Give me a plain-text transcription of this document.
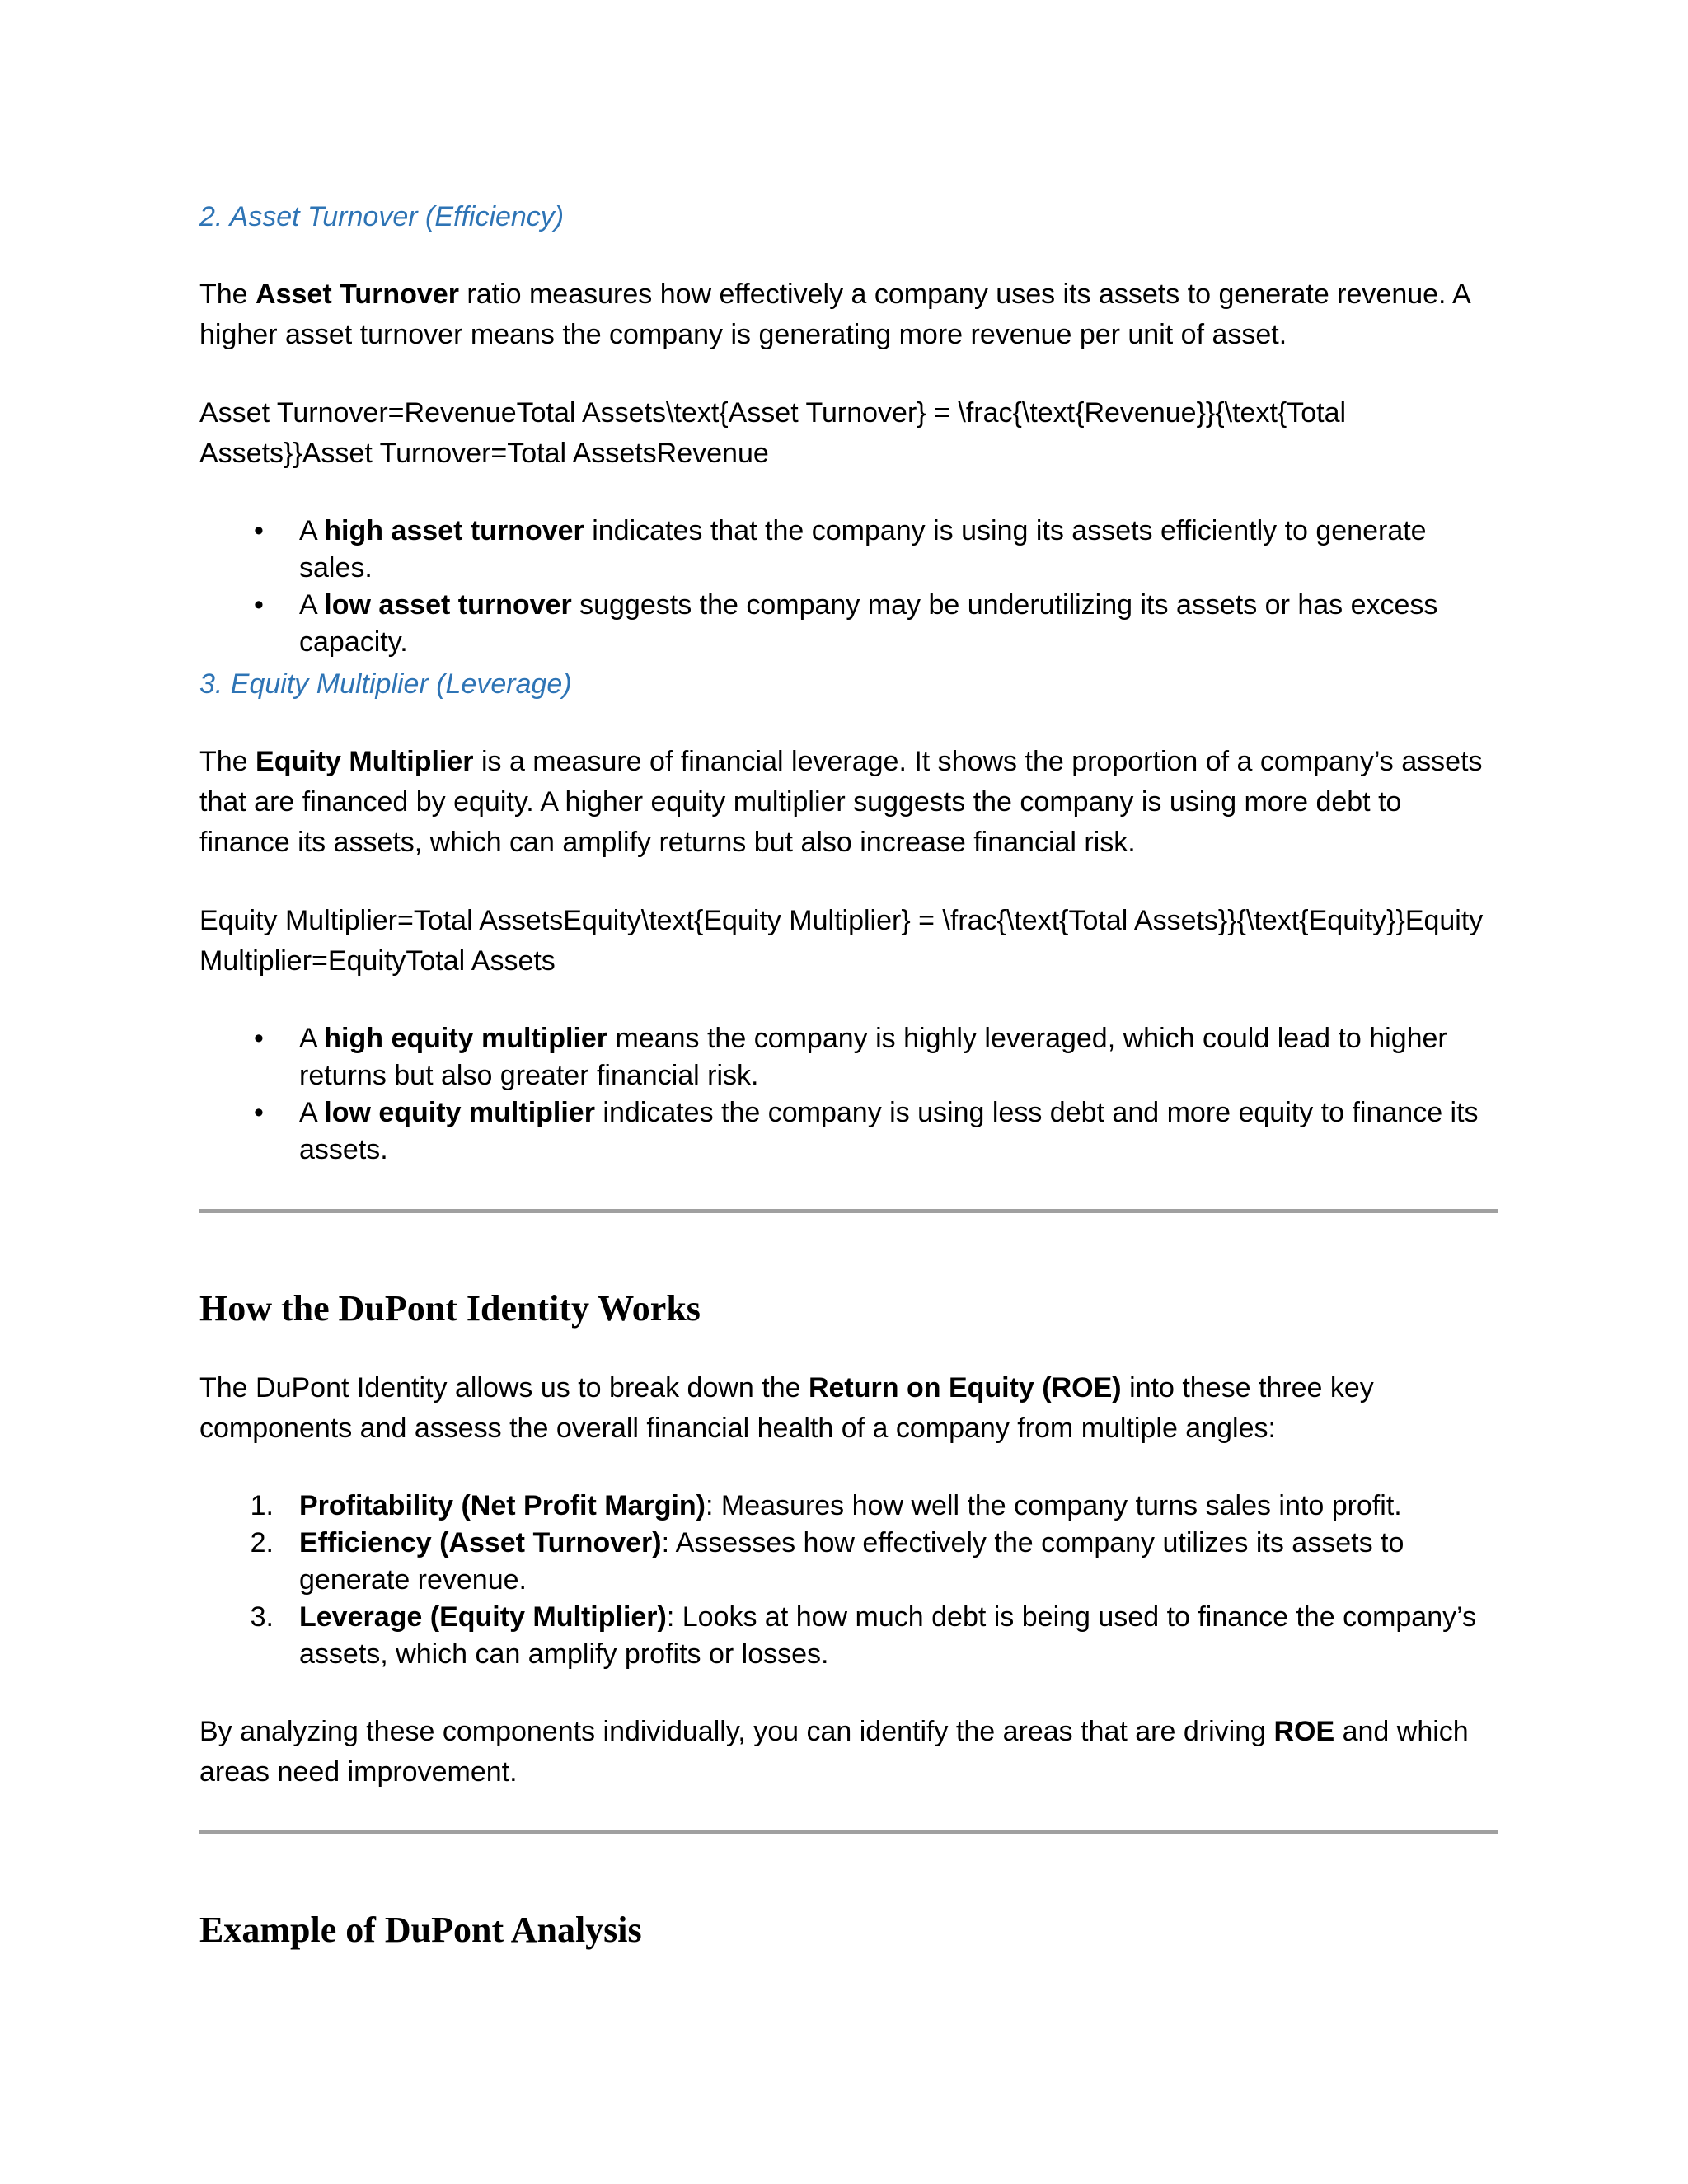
2. Asset Turnover (Efficiency)

The Asset Turnover ratio measures how effectively a company uses its assets to generate revenue. A higher asset turnover means the company is generating more revenue per unit of asset.

Asset Turnover=RevenueTotal Assets\text{Asset Turnover} = \frac{\text{Revenue}}{\text{Total Assets}}Asset Turnover=Total AssetsRevenue

•	A high asset turnover indicates that the company is using its assets efficiently to generate sales.
•	A low asset turnover suggests the company may be underutilizing its assets or has excess capacity.
3. Equity Multiplier (Leverage)

The Equity Multiplier is a measure of financial leverage. It shows the proportion of a company’s assets that are financed by equity. A higher equity multiplier suggests the company is using more debt to finance its assets, which can amplify returns but also increase financial risk.

Equity Multiplier=Total AssetsEquity\text{Equity Multiplier} = \frac{\text{Total Assets}}{\text{Equity}}Equity Multiplier=EquityTotal Assets

•	A high equity multiplier means the company is highly leveraged, which could lead to higher returns but also greater financial risk.
•	A low equity multiplier indicates the company is using less debt and more equity to finance its assets.
How the DuPont Identity Works

The DuPont Identity allows us to break down the Return on Equity (ROE) into these three key components and assess the overall financial health of a company from multiple angles:

1. Profitability (Net Profit Margin): Measures how well the company turns sales into profit.
2. Efficiency (Asset Turnover): Assesses how effectively the company utilizes its assets to generate revenue.
3. Leverage (Equity Multiplier): Looks at how much debt is being used to finance the company’s assets, which can amplify profits or losses.

By analyzing these components individually, you can identify the areas that are driving ROE and which areas need improvement.

Example of DuPont Analysis
